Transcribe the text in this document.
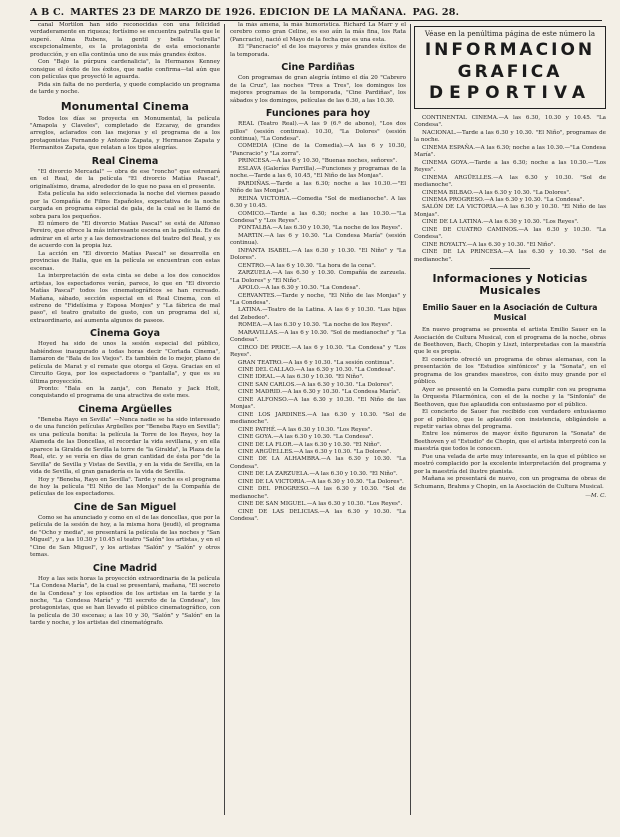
A B C. MARTES 23 DE MARZO DE 1926. EDICION DE LA MAÑANA. PAG. 28.

canal Mortilon han sido reconocidas con una felicidad verdaderamente en riqueza; fortísimo se encuentra patrulla que le superé. Alma Rubens, la gentil y bella "estrella" excepcionalmente, es la protagonista de esta emocionante producción, y en ella continúa uno de sus más grandes éxitos.

Con "Bajo la púrpura cardenalicia", la Hermanos Kenney consigue el éxito de los éxitos, que nadie confirma—tal aún que con películas que proyectó le aguarda.

Pida sin falta de no perderla, y quede complacido un programa de tarde y noche.

Monumental Cinema

Todos los días se proyecta en Monumental, la película "Amapola y Claveles", completado de Ezcaray, de grandes arreglos, aclarados con las mejoras y el programa de a los protagonistas Fernando y Antonio Zapata, y Hermanos Zapata y Hermanitos Zapata, que relatan a los tipos alegrías.

Real Cinema

"El divorcio Mercadal" — obra de ese "roncho" que estrenará en el Real, de la película "El divorcio Matías Pascal", originalísimo, drama, alrededor de lo que no pasa en el presente.

Esta película ha sido seleccionada la noche del viernes pasado por la Compañía de Films Españoles, expectativa de la noche cargada en programa especial de gala, de la cual se le llamó de sobra para los pequeños.

El número de "El divorcio Matías Pascal" se está de Alfonso Pereiro, que ofrece la más interesante escena en la película. Es de admirar en el arte y a las demostraciones del teatro del Real, y es de acuerdo con la propia luz.

La acción en "El divorcio Matías Pascal" se desarrolla en provincias de Italia, que en la película se encuentran con estas escenas.

La interpretación de esta cinta se debe a los dos conocidos artistas, los espectadores verán, parece, lo que en "El divorcio Matías Pascal" todos los cinematográficos se han recreado. Mañana, sábado, sección especial en el Real Cinema, con el estreno de "Fidelísima y Esposa Monjes" y "La fábrica de mal paso", el teatro gratuito de gusto, con un programa del sí, extraordinario, así aumenta algunos de paseos.

Cinema Goya

Hoyed ha sido de unos la sesión especial del público, habiéndose inaugurado a todas horas decir "Cortada Cinema", llamaron de "Bala de los Viejos". Es también de lo mejor, plano de película de Marat y el remate que otorga el Goya. Gracias en el Circuito Goya, por los espectadores o "pantalla", y que es su última proyección.

Pronto: "Bala en la zanja", con Renato y Jack Holt, conquistando el programa de una atractiva de este mes.

Cinema Argüelles

"Beneba Rayo en Sevilla" —Nunca nadie se ha sido interesado o de una función películas Argüelles por "Beneba Rayo en Sevilla"; es una película bonita: la película la Torre de los Reyes, hoy la Alameda de las Doncellas, el recordar la vida sevillana, y en ella aparece la Giralda de Sevilla la torre de "la Giralda", la Plaza de la Real, etc. y se vería en días de gran cantidad de ésta por "de la Sevilla" de Sevilla y Vistas de Sevilla, y en la vida de Sevilla, en la vida de Sevilla, el gran ganadería es la vida de Sevilla.

Hoy y "Beneba, Rayo en Sevilla". Tarde y noche es el programa de hoy la película "El Niño de las Monjas" de la Compañía de películas de los espectadores.

Cine de San Miguel

Como se ha anunciado y como en el de las doncellas, que por la película de la sesión de hoy, a la misma hora (jeudi), el programa de "Ocho y media", se presentará la película de las noches y "San Miguel", y a las 10.30 y 10.45 el teatro "Salón" los artistas, y en el "Cine de San Miguel", y los artistas "Salón" y "Salón" y otros temas.

Cine Madrid

Hoy a las seis horas la proyección extraordinaria de la película "La Condesa María", de la cual se presentará, mañana, "El secreto de la Condesa" y los episodios de los artistas en la tarde y la noche, "La Condesa María" y "El secreto de la Condesa", los protagonistas, que se han llevado el público cinematográfico, con la película de 30 escenas; a las 10 y 30, "Salón" y "Salón" en la tarde y noche, y los artistas del cinematógrafo.

la más amena, la más humorística. Richard La Marr y el cerebro como gran Celine, es eso aún la más fina, los Rata (Pancracio), nació el Mayo de la fecha que es una esta.

El "Pancracio" el de los mayores y más grandes éxitos de la temporada.

Cine Pardiñas

Con programas de gran alegría íntimo el día 20 "Cabrero de la Cruz", las noches "Tres a Tres", los domingos los mejores programas de la temporada, "Cine Pardiñas", los sábados y los domingos, películas de las 6.30, a las 10.30.

Funciones para hoy

REAL (Teatro Real).—A las 9 (6.ª de abono), "Los dos pillos" (sesión continua). 10.30, "La Dolores" (sesión continua), "La Condesa".

COMEDIA (Cine de la Comedia).—A las 6 y 10.30, "Pancracio" y "La zorra".

PRINCESA.—A las 6 y 10.30, "Buenas noches, señores".

ESLAVA (Galerías Parrilla).—Funciones y programas de la noche.—Tarde a las 6, 10.45, "El Niño de las Monjas".

PARDIÑAS.—Tarde a las 6.30; noche a las 10.30.—"El Niño de las Monjas".

REINA VICTORIA.—Comedia "Sol de medianoche". A las 6.30 y 10.45.

COMICO.—Tarde a las 6.30; noche a las 10.30.—"La Condesa" y "Los Reyes".

FONTALBA.—A las 6.30 y 10.30, "La noche de los Reyes".

MARTIN.—A las 6 y 10.30. "La Condesa María" (sesión continua).

INFANTA ISABEL.—A las 6.30 y 10.30. "El Niño" y "La Dolores".

CENTRO.—A las 6 y 10.30. "La hora de la cena".

ZARZUELA.—A las 6.30 y 10.30. Compañía de zarzuela. "La Dolores" y "El Niño".

APOLO.—A las 6.30 y 10.30. "La Condesa".

CERVANTES.—Tarde y noche, "El Niño de las Monjas" y "La Condesa".

LATINA.—Teatro de la Latina. A las 6 y 10.30. "Las hijas del Zebedeo".

ROMEA.—A las 6.30 y 10.30. "La noche de los Reyes".

MARAVILLAS.—A las 6 y 10.30. "Sol de medianoche" y "La Condesa".

CIRCO DE PRICE.—A las 6 y 10.30. "La Condesa" y "Los Reyes".

GRAN TEATRO.—A las 6 y 10.30. "La sesión continua".

CINE DEL CALLAO.—A las 6.30 y 10.30. "La Condesa".

CINE IDEAL.—A las 6.30 y 10.30. "El Niño".

CINE SAN CARLOS.—A las 6.30 y 10.30. "La Dolores".

CINE MADRID.—A las 6.30 y 10.30. "La Condesa María".

CINE ALFONSO.—A las 6.30 y 10.30. "El Niño de las Monjas".

CINE LOS JARDINES.—A las 6.30 y 10.30. "Sol de medianoche".

CINE PATHÉ.—A las 6.30 y 10.30. "Los Reyes".

CINE GOYA.—A las 6.30 y 10.30. "La Condesa".

CINE DE LA FLOR.—A las 6.30 y 10.30. "El Niño".

CINE ARGÜELLES.—A las 6.30 y 10.30. "La Dolores".

CINE DE LA ALHAMBRA.—A las 6.30 y 10.30. "La Condesa".

CINE DE LA ZARZUELA.—A las 6.30 y 10.30. "El Niño".

CINE DE LA VICTORIA.—A las 6.30 y 10.30. "La Dolores".

CINE DEL PROGRESO.—A las 6.30 y 10.30. "Sol de medianoche".

CINE DE SAN MIGUEL.—A las 6.30 y 10.30. "Los Reyes".

CINE DE LAS DELICIAS.—A las 6.30 y 10.30. "La Condesa".

Véase en la penúltima página de este número la
INFORMACION GRAFICA
DEPORTIVA

CONTINENTAL CINEMA.—A las 6.30, 10.30 y 10.45. "La Condesa".

NACIONAL.—Tarde a las 6.30 y 10.30. "El Niño", programas de la noche.

CINEMA ESPAÑA.—A las 6.30; noche a las 10.30.—"La Condesa María".

CINEMA GOYA.—Tarde a las 6.30; noche a las 10.30.—"Los Reyes".

CINEMA ARGÜELLES.—A las 6.30 y 10.30. "Sol de medianoche".

CINEMA BILBAO.—A las 6.30 y 10.30. "La Dolores".

CINEMA PROGRESO.—A las 6.30 y 10.30. "La Condesa".

SALÓN DE LA VICTORIA.—A las 6.30 y 10.30. "El Niño de las Monjas".

CINE DE LA LATINA.—A las 6.30 y 10.30. "Los Reyes".

CINE DE CUATRO CAMINOS.—A las 6.30 y 10.30. "La Condesa".

CINE ROYALTY.—A las 6.30 y 10.30. "El Niño".

CINE DE LA PRINCESA.—A las 6.30 y 10.30. "Sol de medianoche".

Informaciones y Noticias Musicales
Emilio Sauer en la Asociación de Cultura Musical

En nuevo programa se presenta el artista Emilio Sauer en la Asociación de Cultura Musical, con el programa de la noche, obras de Beethoven, Bach, Chopin y Liszt, interpretadas con la maestría que le es propia.

El concierto ofreció un programa de obras alemanas, con la presentación de los "Estudios sinfónicos" y la "Sonata", en el programa de los grandes maestros, con éxito muy grande por el público.

Ayer se presentó en la Comedia para cumplir con su programa la Orquesta Filarmónica, con el de la noche y la "Sinfonía" de Beethoven, que fue aplaudida con entusiasmo por el público.

El concierto de Sauer fue recibido con verdadero entusiasmo por el público, que le aplaudió con insistencia, obligándole a repetir varias obras del programa.

Entre los números de mayor éxito figuraron la "Sonata" de Beethoven y el "Estudio" de Chopin, que el artista interpretó con la maestría que todos le conocen.

Fue una velada de arte muy interesante, en la que el público se mostró complacido por la excelente interpretación del programa y por la maestría del ilustre pianista.

Mañana se presentará de nuevo, con un programa de obras de Schumann, Brahms y Chopin, en la Asociación de Cultura Musical.

—M. C.
